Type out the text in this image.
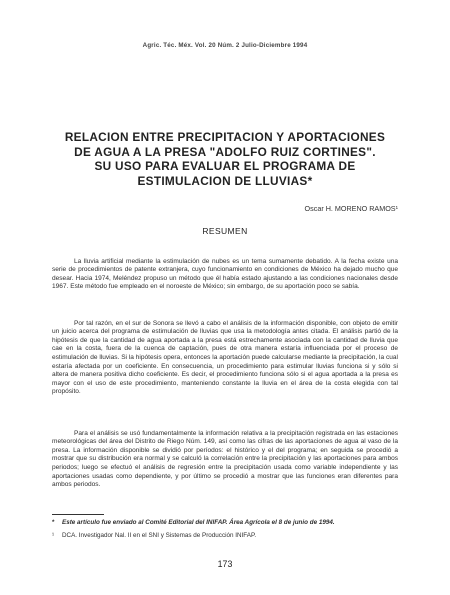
Agric. Téc. Méx. Vol. 20 Núm. 2 Julio-Diciembre 1994
RELACION ENTRE PRECIPITACION Y APORTACIONES
DE AGUA A LA PRESA "ADOLFO RUIZ CORTINES".
SU USO PARA EVALUAR EL PROGRAMA DE
ESTIMULACION DE LLUVIAS*
Oscar H. MORENO RAMOS¹
RESUMEN

La lluvia artificial mediante la estimulación de nubes es un tema sumamente debatido. A la fecha existe una serie de procedimientos de patente extranjera, cuyo funcionamiento en condiciones de México ha dejado mucho que desear. Hacia 1974, Meléndez propuso un método que él había estado ajustando a las condiciones nacionales desde 1967. Este método fue empleado en el noroeste de México; sin embargo, de su aportación poco se sabía.

Por tal razón, en el sur de Sonora se llevó a cabo el análisis de la información disponible, con objeto de emitir un juicio acerca del programa de estimulación de lluvias que usa la metodología antes citada. El análisis partió de la hipótesis de que la cantidad de agua aportada a la presa está estrechamente asociada con la cantidad de lluvia que cae en la costa, fuera de la cuenca de captación, pues de otra manera estaría influenciada por el proceso de estimulación de lluvias. Si la hipótesis opera, entonces la aportación puede calcularse mediante la precipitación, la cual estaría afectada por un coeficiente. En consecuencia, un procedimiento para estimular lluvias funciona si y sólo si altera de manera positiva dicho coeficiente. Es decir, el procedimiento funciona sólo si el agua aportada a la presa es mayor con el uso de este procedimiento, manteniendo constante la lluvia en el área de la costa elegida con tal propósito.

Para el análisis se usó fundamentalmente la información relativa a la precipitación registrada en las estaciones meteorológicas del área del Distrito de Riego Núm. 149, así como las cifras de las aportaciones de agua al vaso de la presa. La información disponible se dividió por períodos: el histórico y el del programa; en seguida se procedió a mostrar que su distribución era normal y se calculó la correlación entre la precipitación y las aportaciones para ambos periodos; luego se efectuó el análisis de regresión entre la precipitación usada como variable independiente y las aportaciones usadas como dependiente, y por último se procedió a mostrar que las funciones eran diferentes para ambos periodos.

* Este artículo fue enviado al Comité Editorial del INIFAP. Área Agrícola el 8 de junio de 1994.
¹ DCA. Investigador Nal. II en el SNI y Sistemas de Producción INIFAP.
173
